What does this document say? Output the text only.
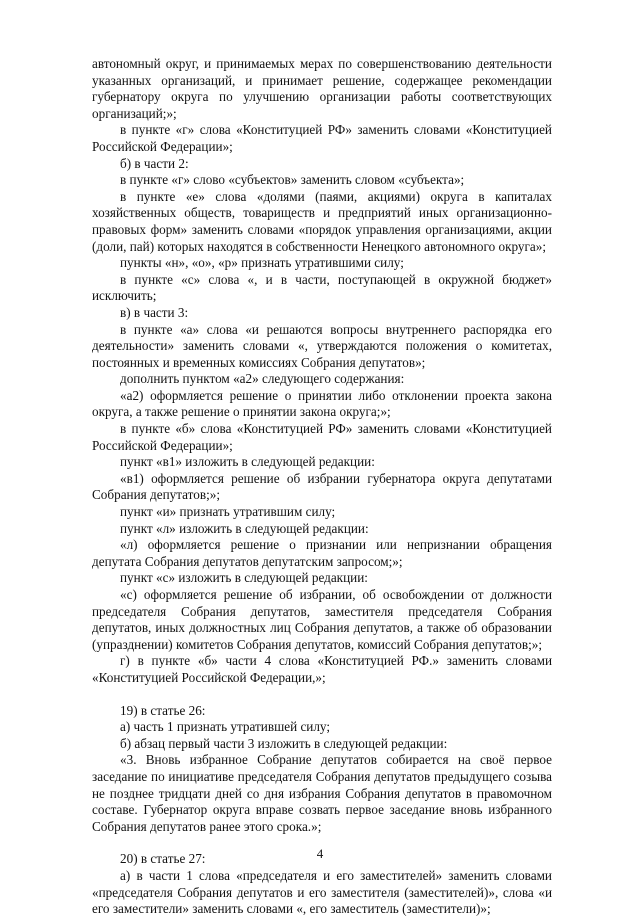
автономный округ, и принимаемых мерах по совершенствованию деятельности указанных организаций, и принимает решение, содержащее рекомендации губернатору округа по улучшению организации работы соответствующих организаций;»;

в пункте «г» слова «Конституцией РФ» заменить словами «Конституцией Российской Федерации»;

б) в части 2:

в пункте «г» слово «субъектов» заменить словом «субъекта»;

в пункте «е» слова «долями (паями, акциями) округа в капиталах хозяйственных обществ, товариществ и предприятий иных организационно-правовых форм» заменить словами «порядок управления организациями, акции (доли, пай) которых находятся в собственности Ненецкого автономного округа»;

пункты «н», «о», «р» признать утратившими силу;

в пункте «с» слова «, и в части, поступающей в окружной бюджет» исключить;

в) в части 3:

в пункте «а» слова «и решаются вопросы внутреннего распорядка его деятельности» заменить словами «, утверждаются положения о комитетах, постоянных и временных комиссиях Собрания депутатов»;

дополнить пунктом «а2» следующего содержания:

«а2) оформляется решение о принятии либо отклонении проекта закона округа, а также решение о принятии закона округа;»;

в пункте «б» слова «Конституцией РФ» заменить словами «Конституцией Российской Федерации»;

пункт «в1» изложить в следующей редакции:

«в1) оформляется решение об избрании губернатора округа депутатами Собрания депутатов;»;

пункт «и» признать утратившим силу;

пункт «л» изложить в следующей редакции:

«л) оформляется решение о признании или непризнании обращения депутата Собрания депутатов депутатским запросом;»;

пункт «с» изложить в следующей редакции:

«с) оформляется решение об избрании, об освобождении от должности председателя Собрания депутатов, заместителя председателя Собрания депутатов, иных должностных лиц Собрания депутатов, а также об образовании (упразднении) комитетов Собрания депутатов, комиссий Собрания депутатов;»;

г) в пункте «б» части 4 слова «Конституцией РФ.» заменить словами «Конституцией Российской Федерации,»;

19) в статье 26:

а) часть 1 признать утратившей силу;

б) абзац первый части 3 изложить в следующей редакции:

«3. Вновь избранное Собрание депутатов собирается на своё первое заседание по инициативе председателя Собрания депутатов предыдущего созыва не позднее тридцати дней со дня избрания Собрания депутатов в правомочном составе. Губернатор округа вправе созвать первое заседание вновь избранного Собрания депутатов ранее этого срока.»;

20) в статье 27:

а) в части 1 слова «председателя и его заместителей» заменить словами «председателя Собрания депутатов и его заместителя (заместителей)», слова «и его заместители» заменить словами «, его заместитель (заместители)»;

4
